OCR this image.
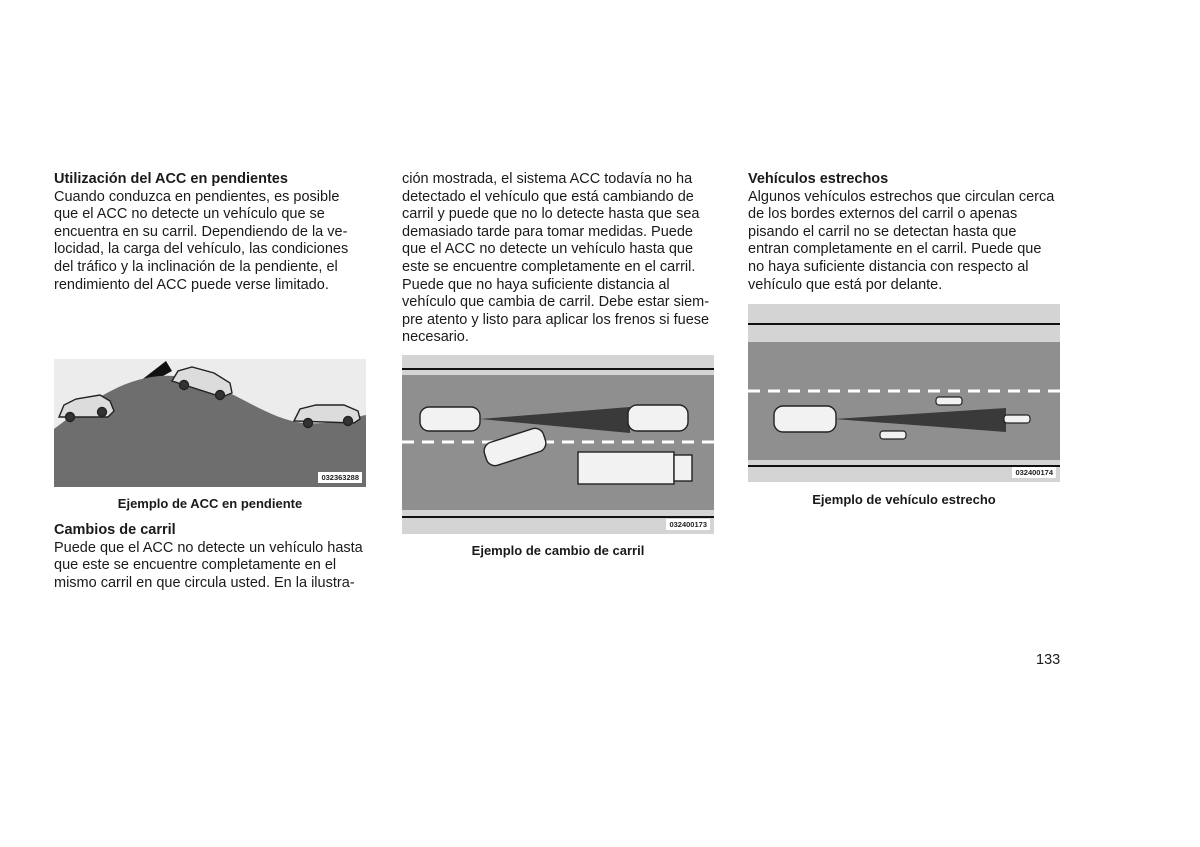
Utilización del ACC en pendientes

Cuando conduzca en pendientes, es posible
que el ACC no detecte un vehículo que se
encuentra en su carril. Dependiendo de la ve-
locidad, la carga del vehículo, las condiciones
del tráfico y la inclinación de la pendiente, el
rendimiento del ACC puede verse limitado.

032363288

Ejemplo de ACC en pendiente

Cambios de carril

Puede que el ACC no detecte un vehículo hasta
que este se encuentre completamente en el
mismo carril en que circula usted. En la ilustra-

ción mostrada, el sistema ACC todavía no ha
detectado el vehículo que está cambiando de
carril y puede que no lo detecte hasta que sea
demasiado tarde para tomar medidas. Puede
que el ACC no detecte un vehículo hasta que
este se encuentre completamente en el carril.
Puede que no haya suficiente distancia al
vehículo que cambia de carril. Debe estar siem-
pre atento y listo para aplicar los frenos si fuese
necesario.

032400173

Ejemplo de cambio de carril

Vehículos estrechos

Algunos vehículos estrechos que circulan cerca
de los bordes externos del carril o apenas
pisando el carril no se detectan hasta que
entran completamente en el carril. Puede que
no haya suficiente distancia con respecto al
vehículo que está por delante.

032400174

Ejemplo de vehículo estrecho

133
